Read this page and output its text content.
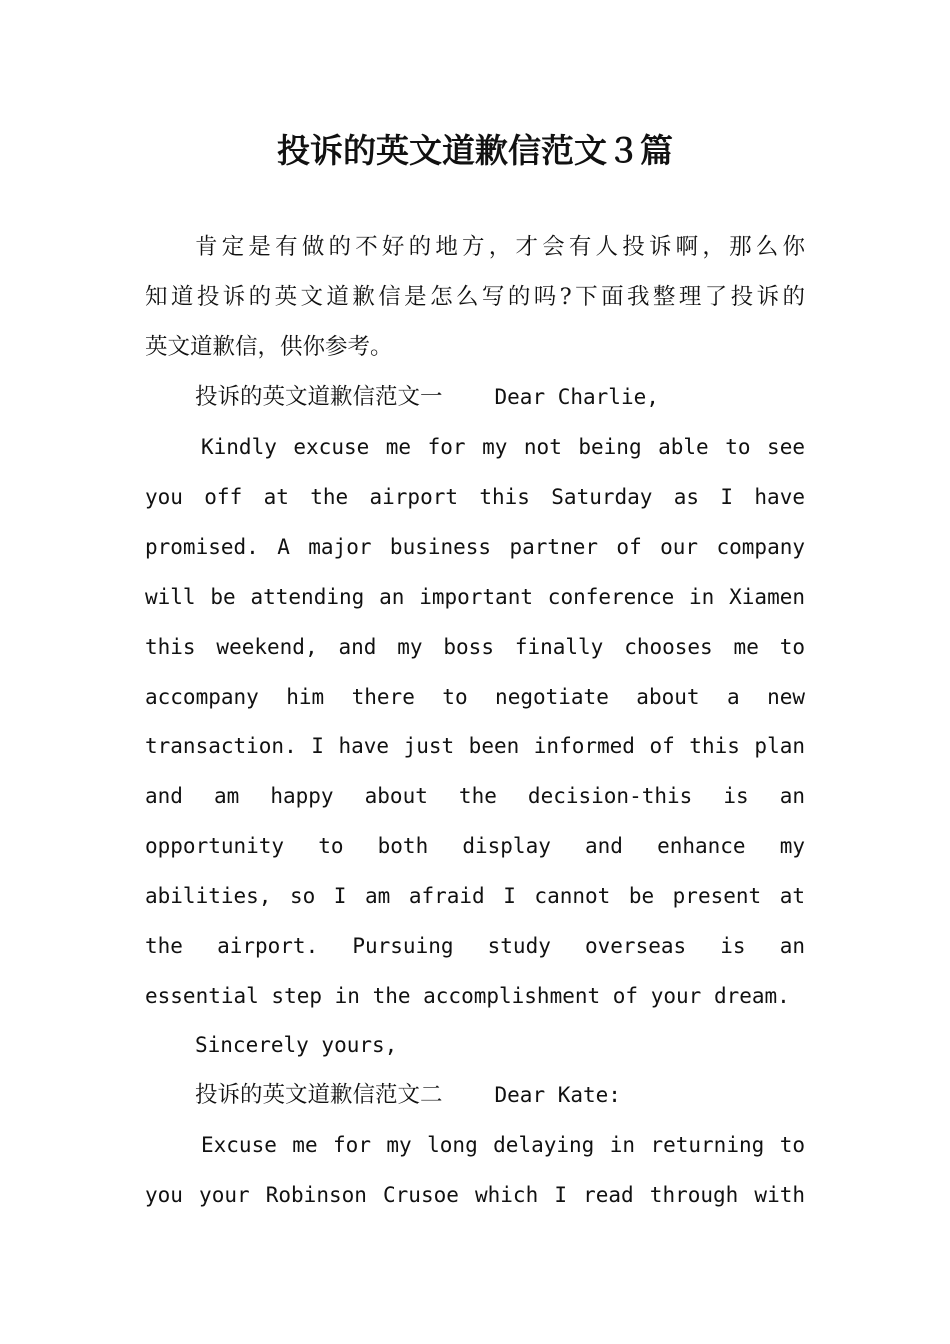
投诉的英文道歉信范文３篇
肯定是有做的不好的地方，才会有人投诉啊，那么你
知道投诉的英文道歉信是怎么写的吗?下面我整理了投诉的
英文道歉信，供你参考。
投诉的英文道歉信范文一 Dear Charlie,
Kindly excuse me for my not being able to see
you off at the airport this Saturday as I have
promised. A major business partner of our company
will be attending an important conference in Xiamen
this weekend, and my boss finally chooses me to
accompany him there to negotiate about a new
transaction. I have just been informed of this plan
and am happy about the decision-this is an
opportunity to both display and enhance my
abilities, so I am afraid I cannot be present at
the airport. Pursuing study overseas is an
essential step in the accomplishment of your dream.
Sincerely yours,
投诉的英文道歉信范文二 Dear Kate:
Excuse me for my long delaying in returning to
you your Robinson Crusoe which I read through with
